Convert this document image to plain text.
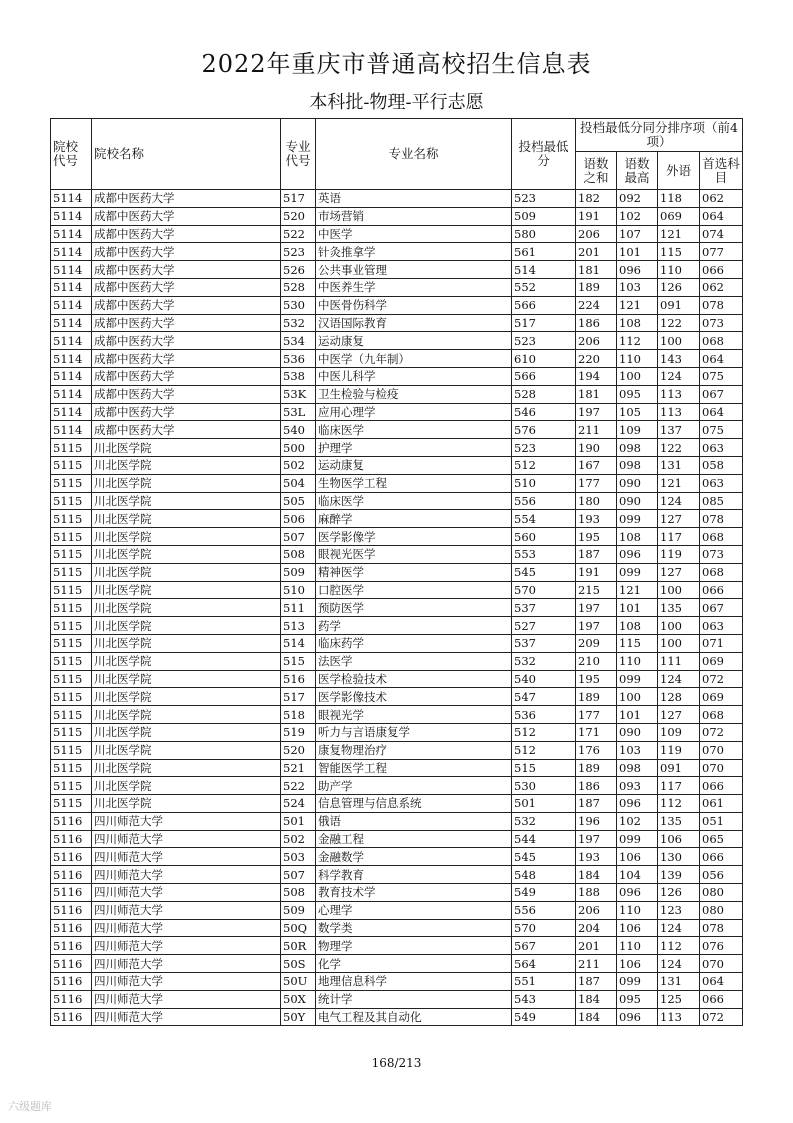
2022年重庆市普通高校招生信息表
本科批-物理-平行志愿
院校代号	院校名称	专业代号	专业名称	投档最低分	投档最低分同分排序项（前4项）			
					语数之和	语数最高	外语	首选科目
5114	成都中医药大学	517	英语	523	182	092	118	062
5114	成都中医药大学	520	市场营销	509	191	102	069	064
5114	成都中医药大学	522	中医学	580	206	107	121	074
5114	成都中医药大学	523	针灸推拿学	561	201	101	115	077
5114	成都中医药大学	526	公共事业管理	514	181	096	110	066
5114	成都中医药大学	528	中医养生学	552	189	103	126	062
5114	成都中医药大学	530	中医骨伤科学	566	224	121	091	078
5114	成都中医药大学	532	汉语国际教育	517	186	108	122	073
5114	成都中医药大学	534	运动康复	523	206	112	100	068
5114	成都中医药大学	536	中医学（九年制）	610	220	110	143	064
5114	成都中医药大学	538	中医儿科学	566	194	100	124	075
5114	成都中医药大学	53K	卫生检验与检疫	528	181	095	113	067
5114	成都中医药大学	53L	应用心理学	546	197	105	113	064
5114	成都中医药大学	540	临床医学	576	211	109	137	075
5115	川北医学院	500	护理学	523	190	098	122	063
5115	川北医学院	502	运动康复	512	167	098	131	058
5115	川北医学院	504	生物医学工程	510	177	090	121	063
5115	川北医学院	505	临床医学	556	180	090	124	085
5115	川北医学院	506	麻醉学	554	193	099	127	078
5115	川北医学院	507	医学影像学	560	195	108	117	068
5115	川北医学院	508	眼视光医学	553	187	096	119	073
5115	川北医学院	509	精神医学	545	191	099	127	068
5115	川北医学院	510	口腔医学	570	215	121	100	066
5115	川北医学院	511	预防医学	537	197	101	135	067
5115	川北医学院	513	药学	527	197	108	100	063
5115	川北医学院	514	临床药学	537	209	115	100	071
5115	川北医学院	515	法医学	532	210	110	111	069
5115	川北医学院	516	医学检验技术	540	195	099	124	072
5115	川北医学院	517	医学影像技术	547	189	100	128	069
5115	川北医学院	518	眼视光学	536	177	101	127	068
5115	川北医学院	519	听力与言语康复学	512	171	090	109	072
5115	川北医学院	520	康复物理治疗	512	176	103	119	070
5115	川北医学院	521	智能医学工程	515	189	098	091	070
5115	川北医学院	522	助产学	530	186	093	117	066
5115	川北医学院	524	信息管理与信息系统	501	187	096	112	061
5116	四川师范大学	501	俄语	532	196	102	135	051
5116	四川师范大学	502	金融工程	544	197	099	106	065
5116	四川师范大学	503	金融数学	545	193	106	130	066
5116	四川师范大学	507	科学教育	548	184	104	139	056
5116	四川师范大学	508	教育技术学	549	188	096	126	080
5116	四川师范大学	509	心理学	556	206	110	123	080
5116	四川师范大学	50Q	数学类	570	204	106	124	078
5116	四川师范大学	50R	物理学	567	201	110	112	076
5116	四川师范大学	50S	化学	564	211	106	124	070
5116	四川师范大学	50U	地理信息科学	551	187	099	131	064
5116	四川师范大学	50X	统计学	543	184	095	125	066
5116	四川师范大学	50Y	电气工程及其自动化	549	184	096	113	072
168/213
六级题库
